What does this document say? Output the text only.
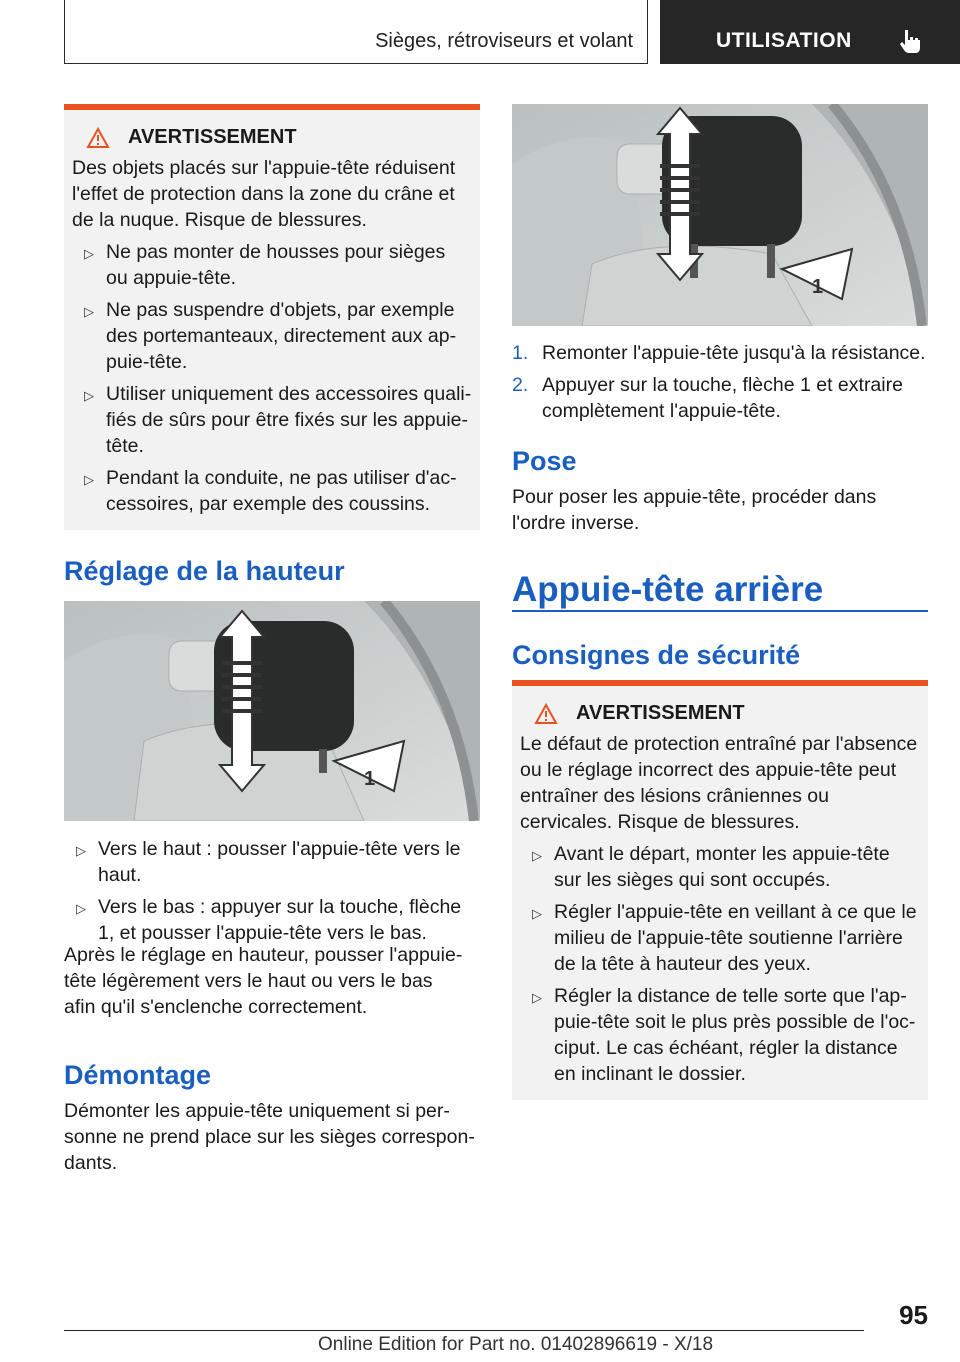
Sièges, rétroviseurs et volant	UTILISATION
AVERTISSEMENT

Des objets placés sur l'appuie-tête réduisent l'effet de protection dans la zone du crâne et de la nuque. Risque de blessures.

▷ Ne pas monter de housses pour sièges ou appuie-tête.
▷ Ne pas suspendre d'objets, par exemple des portemanteaux, directement aux ap-puie-tête.
▷ Utiliser uniquement des accessoires quali-fiés de sûrs pour être fixés sur les appuie-tête.
▷ Pendant la conduite, ne pas utiliser d'ac-cessoires, par exemple des coussins.
Réglage de la hauteur
1
▷ Vers le haut : pousser l'appuie-tête vers le haut.
▷ Vers le bas : appuyer sur la touche, flèche 1, et pousser l'appuie-tête vers le bas.

Après le réglage en hauteur, pousser l'appuie-tête légèrement vers le haut ou vers le bas afin qu'il s'enclenche correctement.

Démontage

Démonter les appuie-tête uniquement si per-sonne ne prend place sur les sièges correspon-dants.

1
1. Remonter l'appuie-tête jusqu'à la résistance.
2. Appuyer sur la touche, flèche 1 et extraire complètement l'appuie-tête.
Pose

Pour poser les appuie-tête, procéder dans l'ordre inverse.

Appuie-tête arrière
Consignes de sécurité
AVERTISSEMENT

Le défaut de protection entraîné par l'absence ou le réglage incorrect des appuie-tête peut entraîner des lésions crâniennes ou cervicales. Risque de blessures.

▷ Avant le départ, monter les appuie-tête sur les sièges qui sont occupés.
▷ Régler l'appuie-tête en veillant à ce que le milieu de l'appuie-tête soutienne l'arrière de la tête à hauteur des yeux.
▷ Régler la distance de telle sorte que l'ap-puie-tête soit le plus près possible de l'oc-ciput. Le cas échéant, régler la distance en inclinant le dossier.
95
Online Edition for Part no. 01402896619 - X/18
